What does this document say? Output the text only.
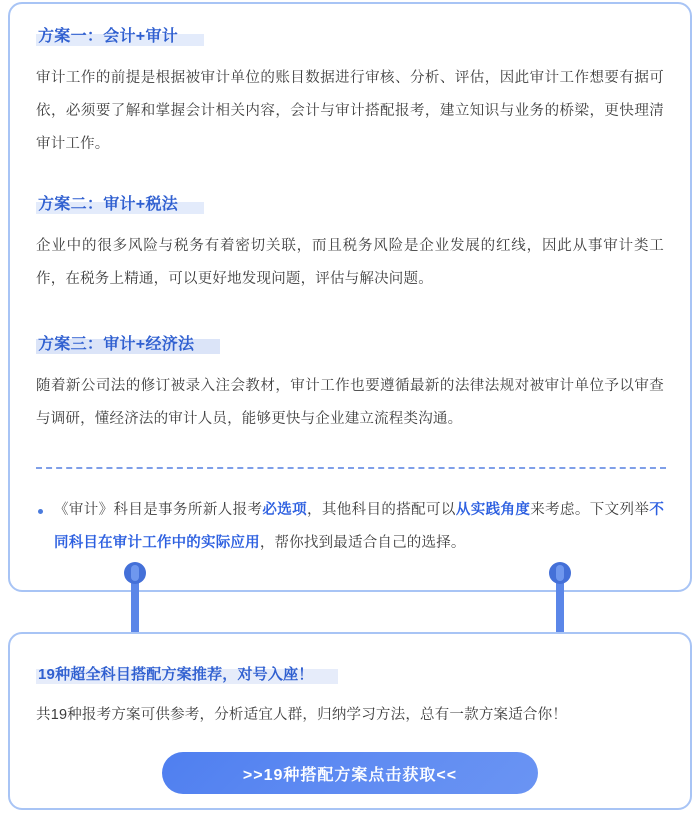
方案一：会计+审计

审计工作的前提是根据被审计单位的账目数据进行审核、分析、评估，因此审计工作想要有据可依，必须要了解和掌握会计相关内容，会计与审计搭配报考，建立知识与业务的桥梁，更快理清审计工作。

方案二：审计+税法

企业中的很多风险与税务有着密切关联，而且税务风险是企业发展的红线，因此从事审计类工作，在税务上精通，可以更好地发现问题，评估与解决问题。

方案三：审计+经济法

随着新公司法的修订被录入注会教材，审计工作也要遵循最新的法律法规对被审计单位予以审查与调研，懂经济法的审计人员，能够更快与企业建立流程类沟通。

《审计》科目是事务所新人报考必选项，其他科目的搭配可以从实践角度来考虑。下文列举不同科目在审计工作中的实际应用，帮你找到最适合自己的选择。
19种超全科目搭配方案推荐，对号入座！

共19种报考方案可供参考，分析适宜人群，归纳学习方法，总有一款方案适合你！

>>19种搭配方案点击获取<<
